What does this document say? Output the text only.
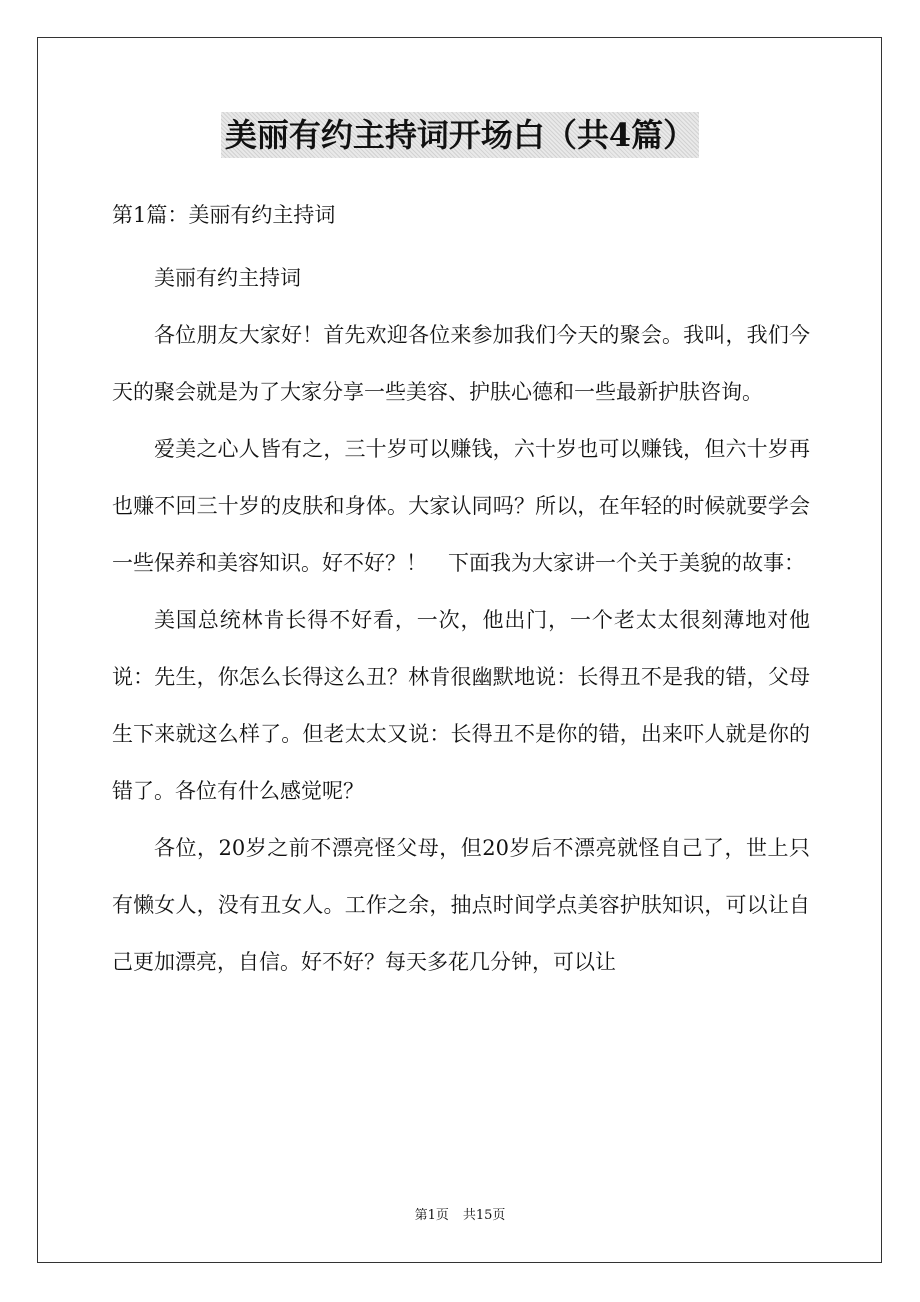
美丽有约主持词开场白（共4篇）
第1篇：美丽有约主持词

美丽有约主持词

各位朋友大家好！首先欢迎各位来参加我们今天的聚会。我叫，我们今天的聚会就是为了大家分享一些美容、护肤心德和一些最新护肤咨询。

爱美之心人皆有之，三十岁可以赚钱，六十岁也可以赚钱，但六十岁再也赚不回三十岁的皮肤和身体。大家认同吗？所以，在年轻的时候就要学会一些保养和美容知识。好不好？！　下面我为大家讲一个关于美貌的故事：

美国总统林肯长得不好看，一次，他出门，一个老太太很刻薄地对他说：先生，你怎么长得这么丑？林肯很幽默地说：长得丑不是我的错，父母生下来就这么样了。但老太太又说：长得丑不是你的错，出来吓人就是你的错了。各位有什么感觉呢？

各位，20岁之前不漂亮怪父母，但20岁后不漂亮就怪自己了，世上只有懒女人，没有丑女人。工作之余，抽点时间学点美容护肤知识，可以让自己更加漂亮，自信。好不好？每天多花几分钟，可以让

第1页 共15页
